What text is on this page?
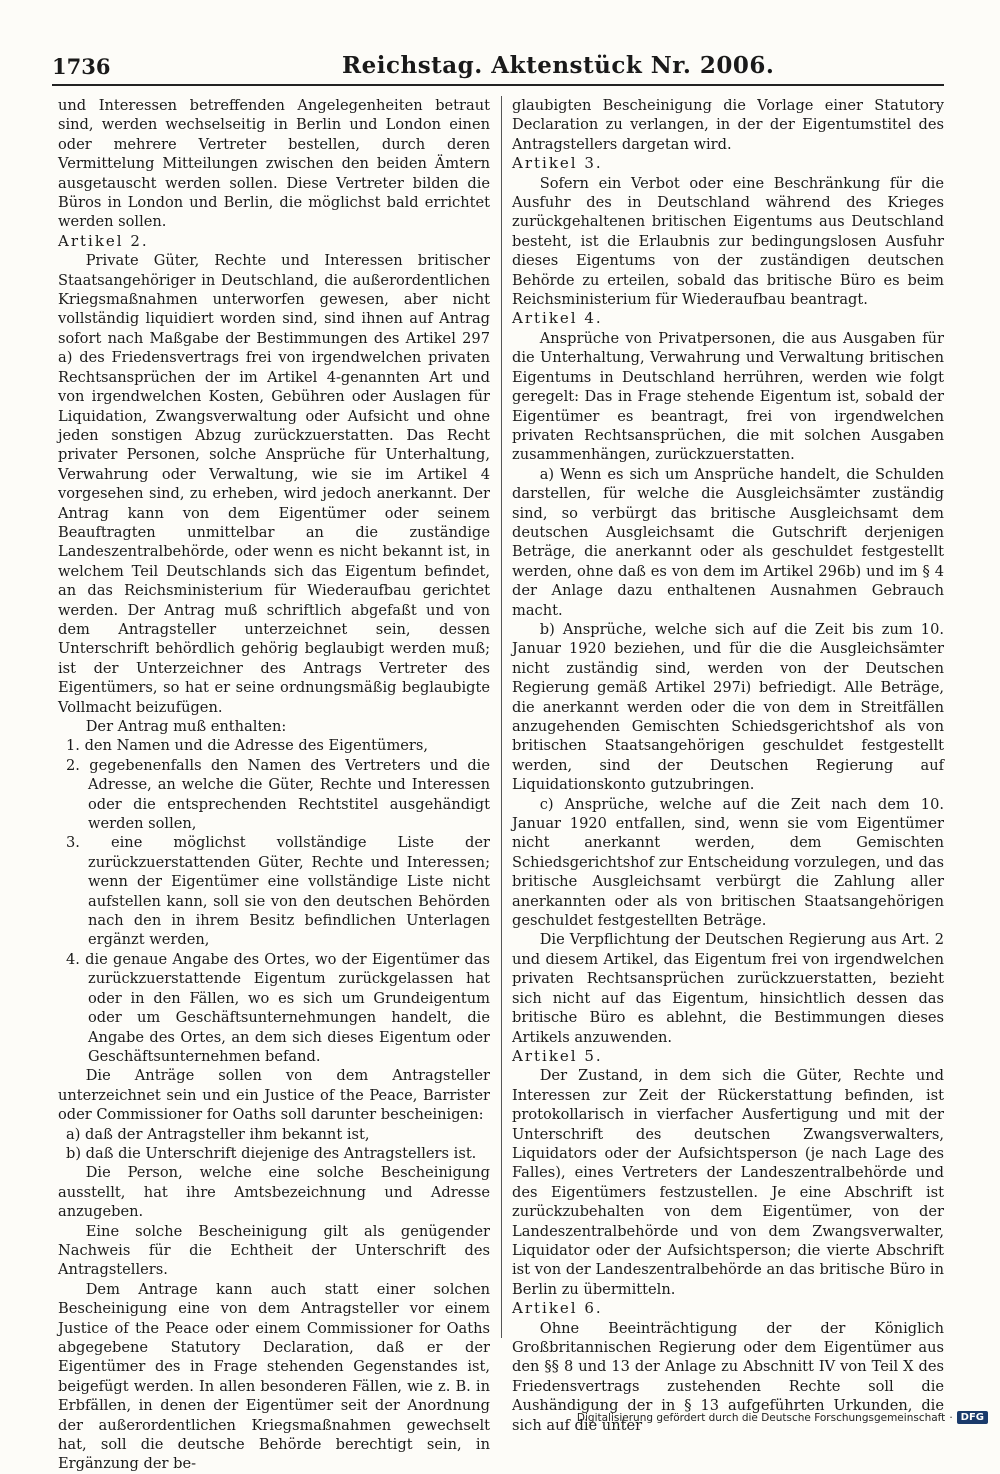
1736	Reichstag. Aktenstück Nr. 2006.

und Interessen betreffenden Angelegenheiten betraut sind, werden wechselseitig in Berlin und London einen oder mehrere Vertreter bestellen, durch deren Vermittelung Mitteilungen zwischen den beiden Ämtern ausgetauscht werden sollen. Diese Vertreter bilden die Büros in London und Berlin, die möglichst bald errichtet werden sollen.

Artikel 2.

Private Güter, Rechte und Interessen britischer Staatsangehöriger in Deutschland, die außerordentlichen Kriegsmaßnahmen unterworfen gewesen, aber nicht vollständig liquidiert worden sind, sind ihnen auf Antrag sofort nach Maßgabe der Bestimmungen des Artikel 297 a) des Friedensvertrags frei von irgendwelchen privaten Rechtsansprüchen der im Artikel 4-genannten Art und von irgendwelchen Kosten, Gebühren oder Auslagen für Liquidation, Zwangsverwaltung oder Aufsicht und ohne jeden sonstigen Abzug zurückzuerstatten. Das Recht privater Personen, solche Ansprüche für Unterhaltung, Verwahrung oder Verwaltung, wie sie im Artikel 4 vorgesehen sind, zu erheben, wird jedoch anerkannt. Der Antrag kann von dem Eigentümer oder seinem Beauftragten unmittelbar an die zuständige Landeszentralbehörde, oder wenn es nicht bekannt ist, in welchem Teil Deutschlands sich das Eigentum befindet, an das Reichsministerium für Wiederaufbau gerichtet werden. Der Antrag muß schriftlich abgefaßt und von dem Antragsteller unterzeichnet sein, dessen Unterschrift behördlich gehörig beglaubigt werden muß; ist der Unterzeichner des Antrags Vertreter des Eigentümers, so hat er seine ordnungsmäßig beglaubigte Vollmacht beizufügen.

Der Antrag muß enthalten:

1. den Namen und die Adresse des Eigentümers,

2. gegebenenfalls den Namen des Vertreters und die Adresse, an welche die Güter, Rechte und Interessen oder die entsprechenden Rechtstitel ausgehändigt werden sollen,

3. eine möglichst vollständige Liste der zurückzuerstattenden Güter, Rechte und Interessen; wenn der Eigentümer eine vollständige Liste nicht aufstellen kann, soll sie von den deutschen Behörden nach den in ihrem Besitz befindlichen Unterlagen ergänzt werden,

4. die genaue Angabe des Ortes, wo der Eigentümer das zurückzuerstattende Eigentum zurückgelassen hat oder in den Fällen, wo es sich um Grundeigentum oder um Geschäftsunternehmungen handelt, die Angabe des Ortes, an dem sich dieses Eigentum oder Geschäftsunternehmen befand.

Die Anträge sollen von dem Antragsteller unterzeichnet sein und ein Justice of the Peace, Barrister oder Commissioner for Oaths soll darunter bescheinigen:

a) daß der Antragsteller ihm bekannt ist,

b) daß die Unterschrift diejenige des Antragstellers ist.

Die Person, welche eine solche Bescheinigung ausstellt, hat ihre Amtsbezeichnung und Adresse anzugeben.

Eine solche Bescheinigung gilt als genügender Nachweis für die Echtheit der Unterschrift des Antragstellers.

Dem Antrage kann auch statt einer solchen Bescheinigung eine von dem Antragsteller vor einem Justice of the Peace oder einem Commissioner for Oaths abgegebene Statutory Declaration, daß er der Eigentümer des in Frage stehenden Gegenstandes ist, beigefügt werden. In allen besonderen Fällen, wie z. B. in Erbfällen, in denen der Eigentümer seit der Anordnung der außerordentlichen Kriegsmaßnahmen gewechselt hat, soll die deutsche Behörde berechtigt sein, in Ergänzung der be-

glaubigten Bescheinigung die Vorlage einer Statutory Declaration zu verlangen, in der der Eigentumstitel des Antragstellers dargetan wird.

Artikel 3.

Sofern ein Verbot oder eine Beschränkung für die Ausfuhr des in Deutschland während des Krieges zurückgehaltenen britischen Eigentums aus Deutschland besteht, ist die Erlaubnis zur bedingungslosen Ausfuhr dieses Eigentums von der zuständigen deutschen Behörde zu erteilen, sobald das britische Büro es beim Reichsministerium für Wiederaufbau beantragt.

Artikel 4.

Ansprüche von Privatpersonen, die aus Ausgaben für die Unterhaltung, Verwahrung und Verwaltung britischen Eigentums in Deutschland herrühren, werden wie folgt geregelt: Das in Frage stehende Eigentum ist, sobald der Eigentümer es beantragt, frei von irgendwelchen privaten Rechtsansprüchen, die mit solchen Ausgaben zusammenhängen, zurückzuerstatten.

a) Wenn es sich um Ansprüche handelt, die Schulden darstellen, für welche die Ausgleichsämter zuständig sind, so verbürgt das britische Ausgleichsamt dem deutschen Ausgleichsamt die Gutschrift derjenigen Beträge, die anerkannt oder als geschuldet festgestellt werden, ohne daß es von dem im Artikel 296b) und im § 4 der Anlage dazu enthaltenen Ausnahmen Gebrauch macht.

b) Ansprüche, welche sich auf die Zeit bis zum 10. Januar 1920 beziehen, und für die die Ausgleichsämter nicht zuständig sind, werden von der Deutschen Regierung gemäß Artikel 297i) befriedigt. Alle Beträge, die anerkannt werden oder die von dem in Streitfällen anzugehenden Gemischten Schiedsgerichtshof als von britischen Staatsangehörigen geschuldet festgestellt werden, sind der Deutschen Regierung auf Liquidationskonto gutzubringen.

c) Ansprüche, welche auf die Zeit nach dem 10. Januar 1920 entfallen, sind, wenn sie vom Eigentümer nicht anerkannt werden, dem Gemischten Schiedsgerichtshof zur Entscheidung vorzulegen, und das britische Ausgleichsamt verbürgt die Zahlung aller anerkannten oder als von britischen Staatsangehörigen geschuldet festgestellten Beträge.

Die Verpflichtung der Deutschen Regierung aus Art. 2 und diesem Artikel, das Eigentum frei von irgendwelchen privaten Rechtsansprüchen zurückzuerstatten, bezieht sich nicht auf das Eigentum, hinsichtlich dessen das britische Büro es ablehnt, die Bestimmungen dieses Artikels anzuwenden.

Artikel 5.

Der Zustand, in dem sich die Güter, Rechte und Interessen zur Zeit der Rückerstattung befinden, ist protokollarisch in vierfacher Ausfertigung und mit der Unterschrift des deutschen Zwangsverwalters, Liquidators oder der Aufsichtsperson (je nach Lage des Falles), eines Vertreters der Landeszentralbehörde und des Eigentümers festzustellen. Je eine Abschrift ist zurückzubehalten von dem Eigentümer, von der Landeszentralbehörde und von dem Zwangsverwalter, Liquidator oder der Aufsichtsperson; die vierte Abschrift ist von der Landeszentralbehörde an das britische Büro in Berlin zu übermitteln.

Artikel 6.

Ohne Beeinträchtigung der der Königlich Großbritannischen Regierung oder dem Eigentümer aus den §§ 8 und 13 der Anlage zu Abschnitt IV von Teil X des Friedensvertrags zustehenden Rechte soll die Aushändigung der in § 13 aufgeführten Urkunden, die sich auf die unter

Digitalisierung gefördert durch die Deutsche Forschungsgemeinschaft · DFG
